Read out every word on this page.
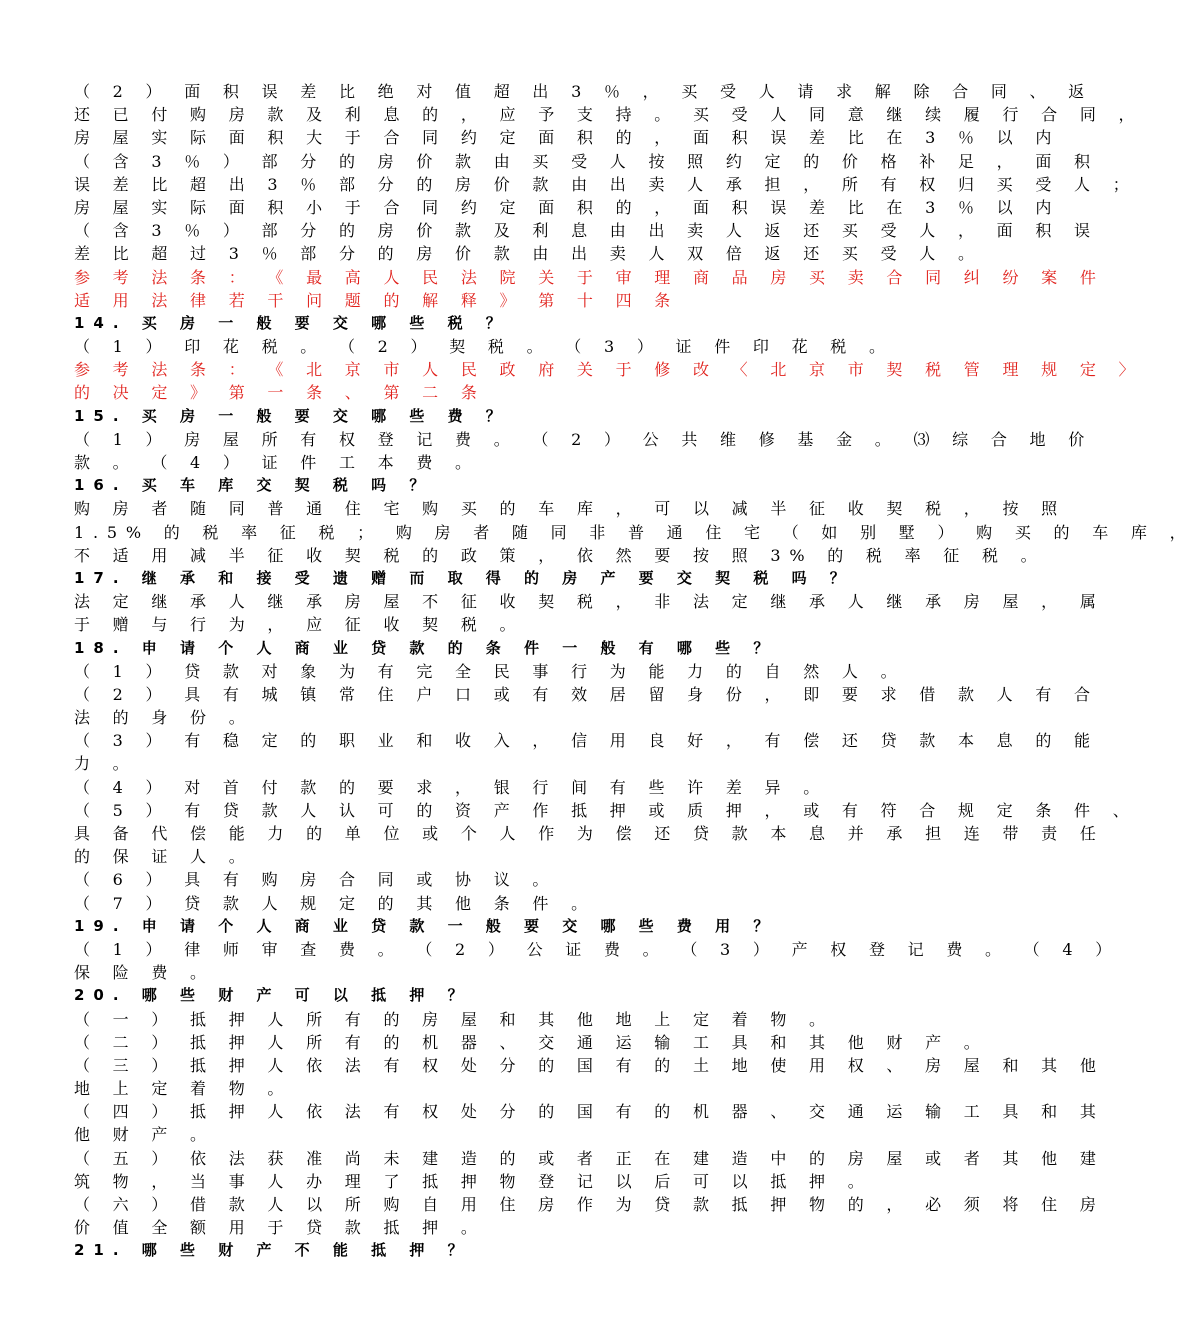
（ 2 ） 面 积 误 差 比 绝 对 值 超 出 3 ％ ， 买 受 人 请 求 解 除 合 同 、 返
还 已 付 购 房 款 及 利 息 的 ， 应 予 支 持 。 买 受 人 同 意 继 续 履 行 合 同 ，
房 屋 实 际 面 积 大 于 合 同 约 定 面 积 的 ， 面 积 误 差 比 在 3 ％ 以 内
（ 含 3 ％ ） 部 分 的 房 价 款 由 买 受 人 按 照 约 定 的 价 格 补 足 ， 面 积
误 差 比 超 出 3 ％ 部 分 的 房 价 款 由 出 卖 人 承 担 ， 所 有 权 归 买 受 人 ；
房 屋 实 际 面 积 小 于 合 同 约 定 面 积 的 ， 面 积 误 差 比 在 3 ％ 以 内
（ 含 3 ％ ） 部 分 的 房 价 款 及 利 息 由 出 卖 人 返 还 买 受 人 ， 面 积 误
差 比 超 过 3 ％ 部 分 的 房 价 款 由 出 卖 人 双 倍 返 还 买 受 人 。
参 考 法 条 ： 《 最 高 人 民 法 院 关 于 审 理 商 品 房 买 卖 合 同 纠 纷 案 件
适 用 法 律 若 干 问 题 的 解 释 》 第 十 四 条
14. 买 房 一 般 要 交 哪 些 税 ？
（ 1 ） 印 花 税 。 （ 2 ） 契 税 。 （ 3 ） 证 件 印 花 税 。
参 考 法 条 ： 《 北 京 市 人 民 政 府 关 于 修 改 〈 北 京 市 契 税 管 理 规 定 〉
的 决 定 》 第 一 条 、 第 二 条
15. 买 房 一 般 要 交 哪 些 费 ？
（ 1 ） 房 屋 所 有 权 登 记 费 。 （ 2 ） 公 共 维 修 基 金 。 ⑶ 综 合 地 价
款 。 （ 4 ） 证 件 工 本 费 。
16. 买 车 库 交 契 税 吗 ？
购 房 者 随 同 普 通 住 宅 购 买 的 车 库 ， 可 以 减 半 征 收 契 税 ， 按 照
1.5% 的 税 率 征 税 ； 购 房 者 随 同 非 普 通 住 宅 （ 如 别 墅 ） 购 买 的 车 库 ，
不 适 用 减 半 征 收 契 税 的 政 策 ， 依 然 要 按 照 3% 的 税 率 征 税 。
17. 继 承 和 接 受 遗 赠 而 取 得 的 房 产 要 交 契 税 吗 ？
法 定 继 承 人 继 承 房 屋 不 征 收 契 税 ， 非 法 定 继 承 人 继 承 房 屋 ， 属
于 赠 与 行 为 ， 应 征 收 契 税 。
18. 申 请 个 人 商 业 贷 款 的 条 件 一 般 有 哪 些 ？
（ 1 ） 贷 款 对 象 为 有 完 全 民 事 行 为 能 力 的 自 然 人 。
（ 2 ） 具 有 城 镇 常 住 户 口 或 有 效 居 留 身 份 ， 即 要 求 借 款 人 有 合
法 的 身 份 。
（ 3 ） 有 稳 定 的 职 业 和 收 入 ， 信 用 良 好 ， 有 偿 还 贷 款 本 息 的 能
力 。
（ 4 ） 对 首 付 款 的 要 求 ， 银 行 间 有 些 许 差 异 。
（ 5 ） 有 贷 款 人 认 可 的 资 产 作 抵 押 或 质 押 ， 或 有 符 合 规 定 条 件 、
具 备 代 偿 能 力 的 单 位 或 个 人 作 为 偿 还 贷 款 本 息 并 承 担 连 带 责 任
的 保 证 人 。
（ 6 ） 具 有 购 房 合 同 或 协 议 。
（ 7 ） 贷 款 人 规 定 的 其 他 条 件 。
19. 申 请 个 人 商 业 贷 款 一 般 要 交 哪 些 费 用 ？
（ 1 ） 律 师 审 查 费 。 （ 2 ） 公 证 费 。 （ 3 ） 产 权 登 记 费 。 （ 4 ）
保 险 费 。
20. 哪 些 财 产 可 以 抵 押 ？
（ 一 ） 抵 押 人 所 有 的 房 屋 和 其 他 地 上 定 着 物 。
（ 二 ） 抵 押 人 所 有 的 机 器 、 交 通 运 输 工 具 和 其 他 财 产 。
（ 三 ） 抵 押 人 依 法 有 权 处 分 的 国 有 的 土 地 使 用 权 、 房 屋 和 其 他
地 上 定 着 物 。
（ 四 ） 抵 押 人 依 法 有 权 处 分 的 国 有 的 机 器 、 交 通 运 输 工 具 和 其
他 财 产 。
（ 五 ） 依 法 获 准 尚 未 建 造 的 或 者 正 在 建 造 中 的 房 屋 或 者 其 他 建
筑 物 ， 当 事 人 办 理 了 抵 押 物 登 记 以 后 可 以 抵 押 。
（ 六 ） 借 款 人 以 所 购 自 用 住 房 作 为 贷 款 抵 押 物 的 ， 必 须 将 住 房
价 值 全 额 用 于 贷 款 抵 押 。
21. 哪 些 财 产 不 能 抵 押 ？
